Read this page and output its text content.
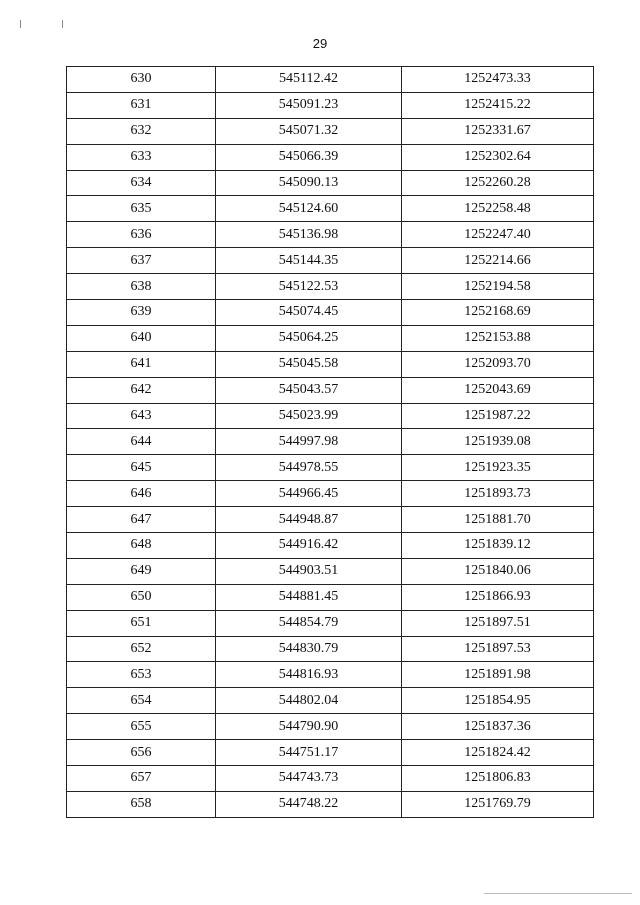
29
630	545112.42	1252473.33
631	545091.23	1252415.22
632	545071.32	1252331.67
633	545066.39	1252302.64
634	545090.13	1252260.28
635	545124.60	1252258.48
636	545136.98	1252247.40
637	545144.35	1252214.66
638	545122.53	1252194.58
639	545074.45	1252168.69
640	545064.25	1252153.88
641	545045.58	1252093.70
642	545043.57	1252043.69
643	545023.99	1251987.22
644	544997.98	1251939.08
645	544978.55	1251923.35
646	544966.45	1251893.73
647	544948.87	1251881.70
648	544916.42	1251839.12
649	544903.51	1251840.06
650	544881.45	1251866.93
651	544854.79	1251897.51
652	544830.79	1251897.53
653	544816.93	1251891.98
654	544802.04	1251854.95
655	544790.90	1251837.36
656	544751.17	1251824.42
657	544743.73	1251806.83
658	544748.22	1251769.79
